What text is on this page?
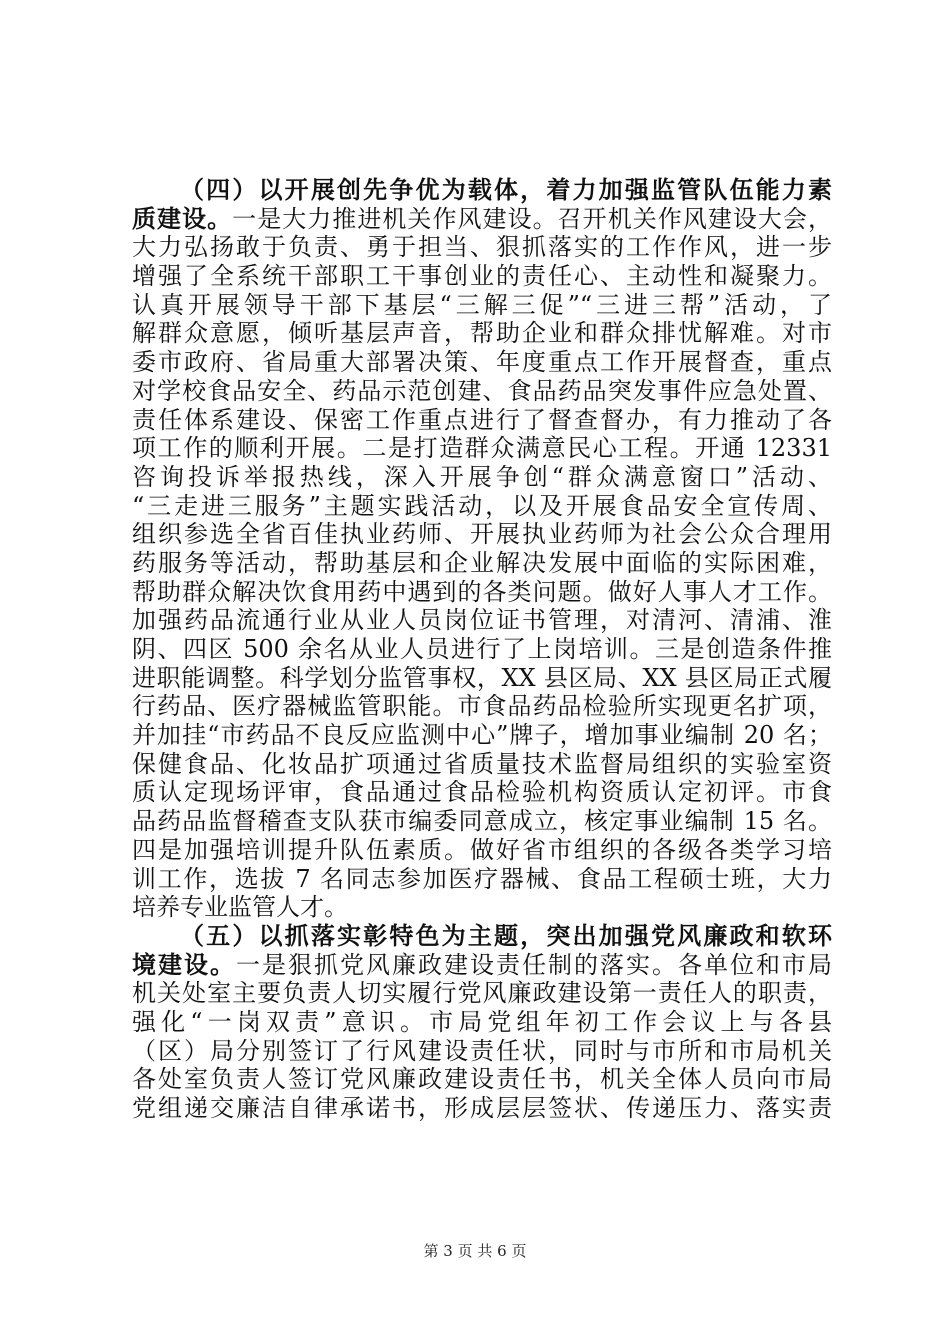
（四）以开展创先争优为载体，着力加强监管队伍能力素
质建设。一是大力推进机关作风建设。召开机关作风建设大会，
大力弘扬敢于负责、勇于担当、狠抓落实的工作作风，进一步
增强了全系统干部职工干事创业的责任心、主动性和凝聚力。
认真开展领导干部下基层“三解三促”“三进三帮”活动，了
解群众意愿，倾听基层声音，帮助企业和群众排忧解难。对市
委市政府、省局重大部署决策、年度重点工作开展督查，重点
对学校食品安全、药品示范创建、食品药品突发事件应急处置、
责任体系建设、保密工作重点进行了督查督办，有力推动了各
项工作的顺利开展。二是打造群众满意民心工程。开通 12331
咨询投诉举报热线，深入开展争创“群众满意窗口”活动、
“三走进三服务”主题实践活动，以及开展食品安全宣传周、
组织参选全省百佳执业药师、开展执业药师为社会公众合理用
药服务等活动，帮助基层和企业解决发展中面临的实际困难，
帮助群众解决饮食用药中遇到的各类问题。做好人事人才工作。
加强药品流通行业从业人员岗位证书管理，对清河、清浦、淮
阴、四区 500 余名从业人员进行了上岗培训。三是创造条件推
进职能调整。科学划分监管事权，XX 县区局、XX 县区局正式履
行药品、医疗器械监管职能。市食品药品检验所实现更名扩项，
并加挂“市药品不良反应监测中心”牌子，增加事业编制 20 名；
保健食品、化妆品扩项通过省质量技术监督局组织的实验室资
质认定现场评审，食品通过食品检验机构资质认定初评。市食
品药品监督稽查支队获市编委同意成立，核定事业编制 15 名。
四是加强培训提升队伍素质。做好省市组织的各级各类学习培
训工作，选拔 7 名同志参加医疗器械、食品工程硕士班，大力
培养专业监管人才。
（五）以抓落实彰特色为主题，突出加强党风廉政和软环
境建设。一是狠抓党风廉政建设责任制的落实。各单位和市局
机关处室主要负责人切实履行党风廉政建设第一责任人的职责，
强化“一岗双责”意识。市局党组年初工作会议上与各县
（区）局分别签订了行风建设责任状，同时与市所和市局机关
各处室负责人签订党风廉政建设责任书，机关全体人员向市局
党组递交廉洁自律承诺书，形成层层签状、传递压力、落实责
第 3 页 共 6 页
